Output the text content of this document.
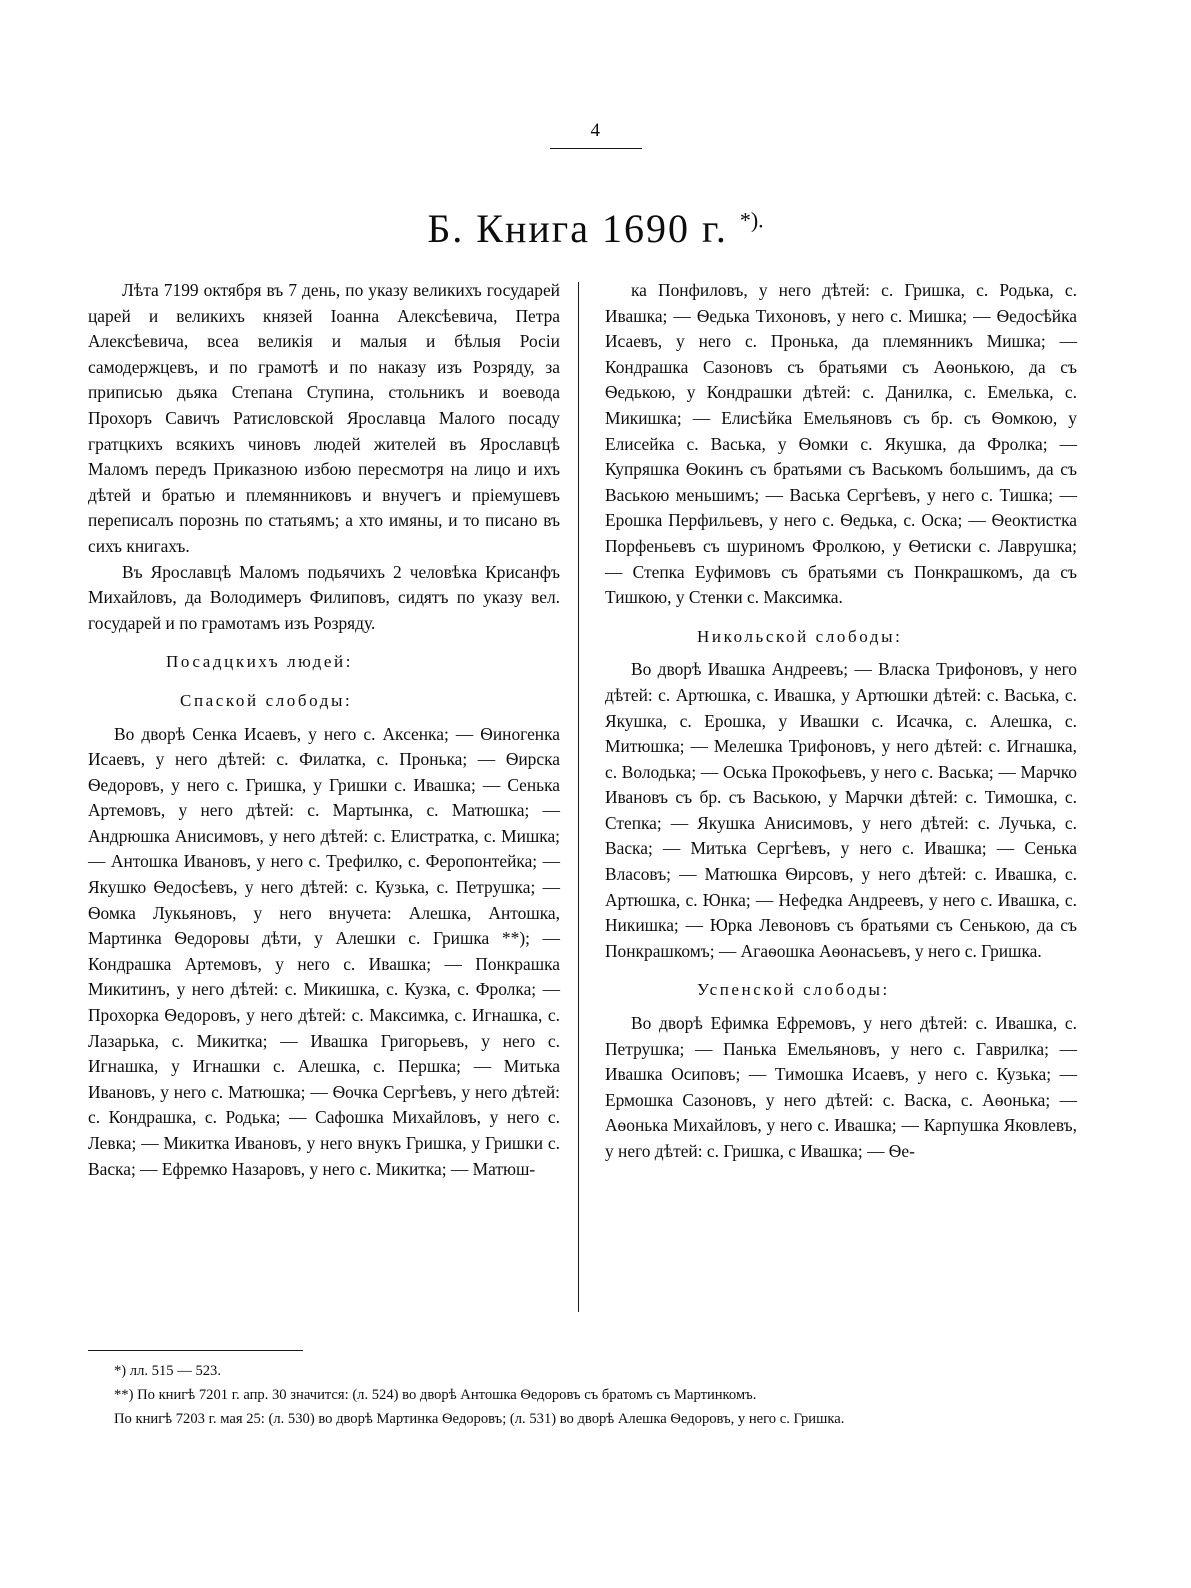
4
Б. Книга 1690 г. *).

Лѣта 7199 октября въ 7 день, по указу великихъ государей царей и великихъ князей Іоанна Алексѣевича, Петра Алексѣевича, всеа великія и малыя и бѣлыя Росіи самодержцевъ, и по грамотѣ и по наказу изъ Розряду, за приписью дьяка Степана Ступина, стольникъ и воевода Прохоръ Савичъ Ратисловской Ярославца Малого посаду гратцкихъ всякихъ чиновъ людей жителей въ Ярославцѣ Маломъ передъ Приказною избою пересмотря на лицо и ихъ дѣтей и братью и племянниковъ и внучегъ и пріемушевъ переписалъ порознь по статьямъ; а хто имяны, и то писано въ сихъ книгахъ.

Въ Ярославцѣ Маломъ подьячихъ 2 человѣка Крисанфъ Михайловъ, да Володимеръ Филиповъ, сидятъ по указу вел. государей и по грамотамъ изъ Розряду.

Посадцкихъ людей:

Спаской слободы:

Во дворѣ Сенка Исаевъ, у него с. Аксенка; — Ѳиногенка Исаевъ, у него дѣтей: с. Филатка, с. Пронька; — Ѳирска Ѳедоровъ, у него с. Гришка, у Гришки с. Ивашка; — Сенька Артемовъ, у него дѣтей: с. Мартынка, с. Матюшка; — Андрюшка Анисимовъ, у него дѣтей: с. Елистратка, с. Мишка; — Антошка Ивановъ, у него с. Трефилко, с. Феропонтейка; — Якушко Ѳедосѣевъ, у него дѣтей: с. Кузька, с. Петрушка; — Ѳомка Лукьяновъ, у него внучета: Алешка, Антошка, Мартинка Ѳедоровы дѣти, у Алешки с. Гришка **); — Кондрашка Артемовъ, у него с. Ивашка; — Понкрашка Микитинъ, у него дѣтей: с. Микишка, с. Кузка, с. Фролка; — Прохорка Ѳедоровъ, у него дѣтей: с. Максимка, с. Игнашка, с. Лазарька, с. Микитка; — Ивашка Григорьевъ, у него с. Игнашка, у Игнашки с. Алешка, с. Першка; — Митька Ивановъ, у него с. Матюшка; — Ѳочка Сергѣевъ, у него дѣтей: с. Кондрашка, с. Родька; — Сафошка Михайловъ, у него с. Левка; — Микитка Ивановъ, у него внукъ Гришка, у Гришки с. Васка; — Ефремко Назаровъ, у него с. Микитка; — Матюш-

ка Понфиловъ, у него дѣтей: с. Гришка, с. Родька, с. Ивашка; — Ѳедька Тихоновъ, у него с. Мишка; — Ѳедосѣйка Исаевъ, у него с. Пронька, да племянникъ Мишка; — Кондрашка Сазоновъ съ братьями съ Аѳонькою, да съ Ѳедькою, у Кондрашки дѣтей: с. Данилка, с. Емелька, с. Микишка; — Елисѣйка Емельяновъ съ бр. съ Ѳомкою, у Елисейка с. Васька, у Ѳомки с. Якушка, да Фролка; — Купряшка Ѳокинъ съ братьями съ Васькомъ большимъ, да съ Ваською меньшимъ; — Васька Сергѣевъ, у него с. Тишка; — Ерошка Перфильевъ, у него с. Ѳедька, с. Оска; — Ѳеоктистка Порфеньевъ съ шуриномъ Фролкою, у Ѳетиски с. Лаврушка; — Степка Еуфимовъ съ братьями съ Понкрашкомъ, да съ Тишкою, у Стенки с. Максимка.

Никольской слободы:

Во дворѣ Ивашка Андреевъ; — Власка Трифоновъ, у него дѣтей: с. Артюшка, с. Ивашка, у Артюшки дѣтей: с. Васька, с. Якушка, с. Ерошка, у Ивашки с. Исачка, с. Алешка, с. Митюшка; — Мелешка Трифоновъ, у него дѣтей: с. Игнашка, с. Володька; — Оська Прокофьевъ, у него с. Васька; — Марчко Ивановъ съ бр. съ Ваською, у Марчки дѣтей: с. Тимошка, с. Степка; — Якушка Анисимовъ, у него дѣтей: с. Лучька, с. Васка; — Митька Сергѣевъ, у него с. Ивашка; — Сенька Власовъ; — Матюшка Ѳирсовъ, у него дѣтей: с. Ивашка, с. Артюшка, с. Юнка; — Нефедка Андреевъ, у него с. Ивашка, с. Никишка; — Юрка Левоновъ съ братьями съ Сенькою, да съ Понкрашкомъ; — Агаѳошка Аѳонасьевъ, у него с. Гришка.

Успенской слободы:

Во дворѣ Ефимка Ефремовъ, у него дѣтей: с. Ивашка, с. Петрушка; — Панька Емельяновъ, у него с. Гаврилка; — Ивашка Осиповъ; — Тимошка Исаевъ, у него с. Кузька; — Ермошка Сазоновъ, у него дѣтей: с. Васка, с. Аѳонька; — Аѳонька Михайловъ, у него с. Ивашка; — Карпушка Яковлевъ, у него дѣтей: с. Гришка, с Ивашка; — Ѳе-

*) лл. 515 — 523.

**) По книгѣ 7201 г. апр. 30 значится: (л. 524) во дворѣ Антошка Ѳедоровъ съ братомъ съ Мартинкомъ.

По книгѣ 7203 г. мая 25: (л. 530) во дворѣ Мартинка Ѳедоровъ; (л. 531) во дворѣ Алешка Ѳедоровъ, у него с. Гришка.
